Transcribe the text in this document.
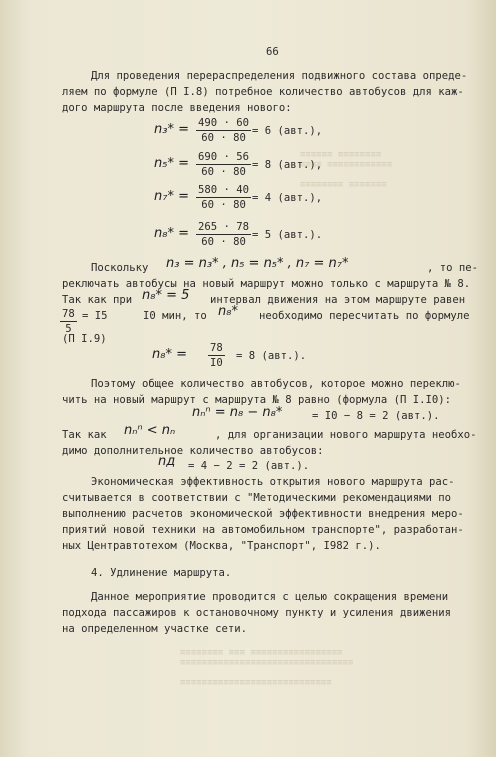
≡≡≡≡≡≡ ≡≡≡≡≡≡≡≡
≡≡≡≡ ≡≡≡≡≡≡≡≡≡≡≡≡

≡≡≡≡≡≡≡≡ ≡≡≡≡≡≡≡
≡≡≡≡≡≡≡≡ ≡≡≡ ≡≡≡≡≡≡≡≡≡≡≡≡≡≡≡≡≡
≡≡≡≡≡≡≡≡≡≡≡≡≡≡≡≡≡≡≡≡≡≡≡≡≡≡≡≡≡≡≡≡

≡≡≡≡≡≡≡≡≡≡≡≡≡≡≡≡≡≡≡≡≡≡≡≡≡≡≡≡
66
Для проведения перераспределения подвижного состава опреде-
ляем по формуле (П I.8) потребное количество автобусов для каж-
дого маршрута после введения нового:
$n_3* = \frac{490 \cdot 60}{60 \cdot 80} = 6$ (авт.),
$n_5* = \frac{690 \cdot 56}{60 \cdot 80} = 8$ (авт.),
$n_7* = \frac{580 \cdot 40}{60 \cdot 80} = 4$ (авт.),
$n_8* = \frac{265 \cdot 78}{60 \cdot 80} = 5$ (авт.).
Поскольку n₃ = n₃* , n₅ = n₅* , n₇ = n₇*	, то пе-
реключать автобусы на новый маршрут можно только с маршрута № 8.
Так как при n₈* = 5 интервал движения на этом маршруте равен
$\frac{78}{5} = I5$	I0 мин, то n₈* необходимо пересчитать по формуле
(П I.9)
$n_8* = \frac{78}{I0} = 8$ (авт.).
Поэтому общее количество автобусов, которое можно переклю-
чить на новый маршрут с маршрута № 8 равно (формула (П I.I0):
nₙⁿ = n₈ − n₈*	= I0 − 8 = 2 (авт.).
Так как nₙⁿ < nₙ	, для организации нового маршрута необхо-
димо дополнительное количество автобусов:
nд = 4 − 2 = 2 (авт.).
Экономическая эффективность открытия нового маршрута рас-
считывается в соответствии с "Методическими рекомендациями по
выполнению расчетов экономической эффективности внедрения меро-
приятий новой техники на автомобильном транспорте", разработан-
ных Центравтотехом (Москва, "Транспорт", I982 г.).
4. Удлинение маршрута.
Данное мероприятие проводится с целью сокращения времени
подхода пассажиров к остановочному пункту и усиления движения
на определенном участке сети.
